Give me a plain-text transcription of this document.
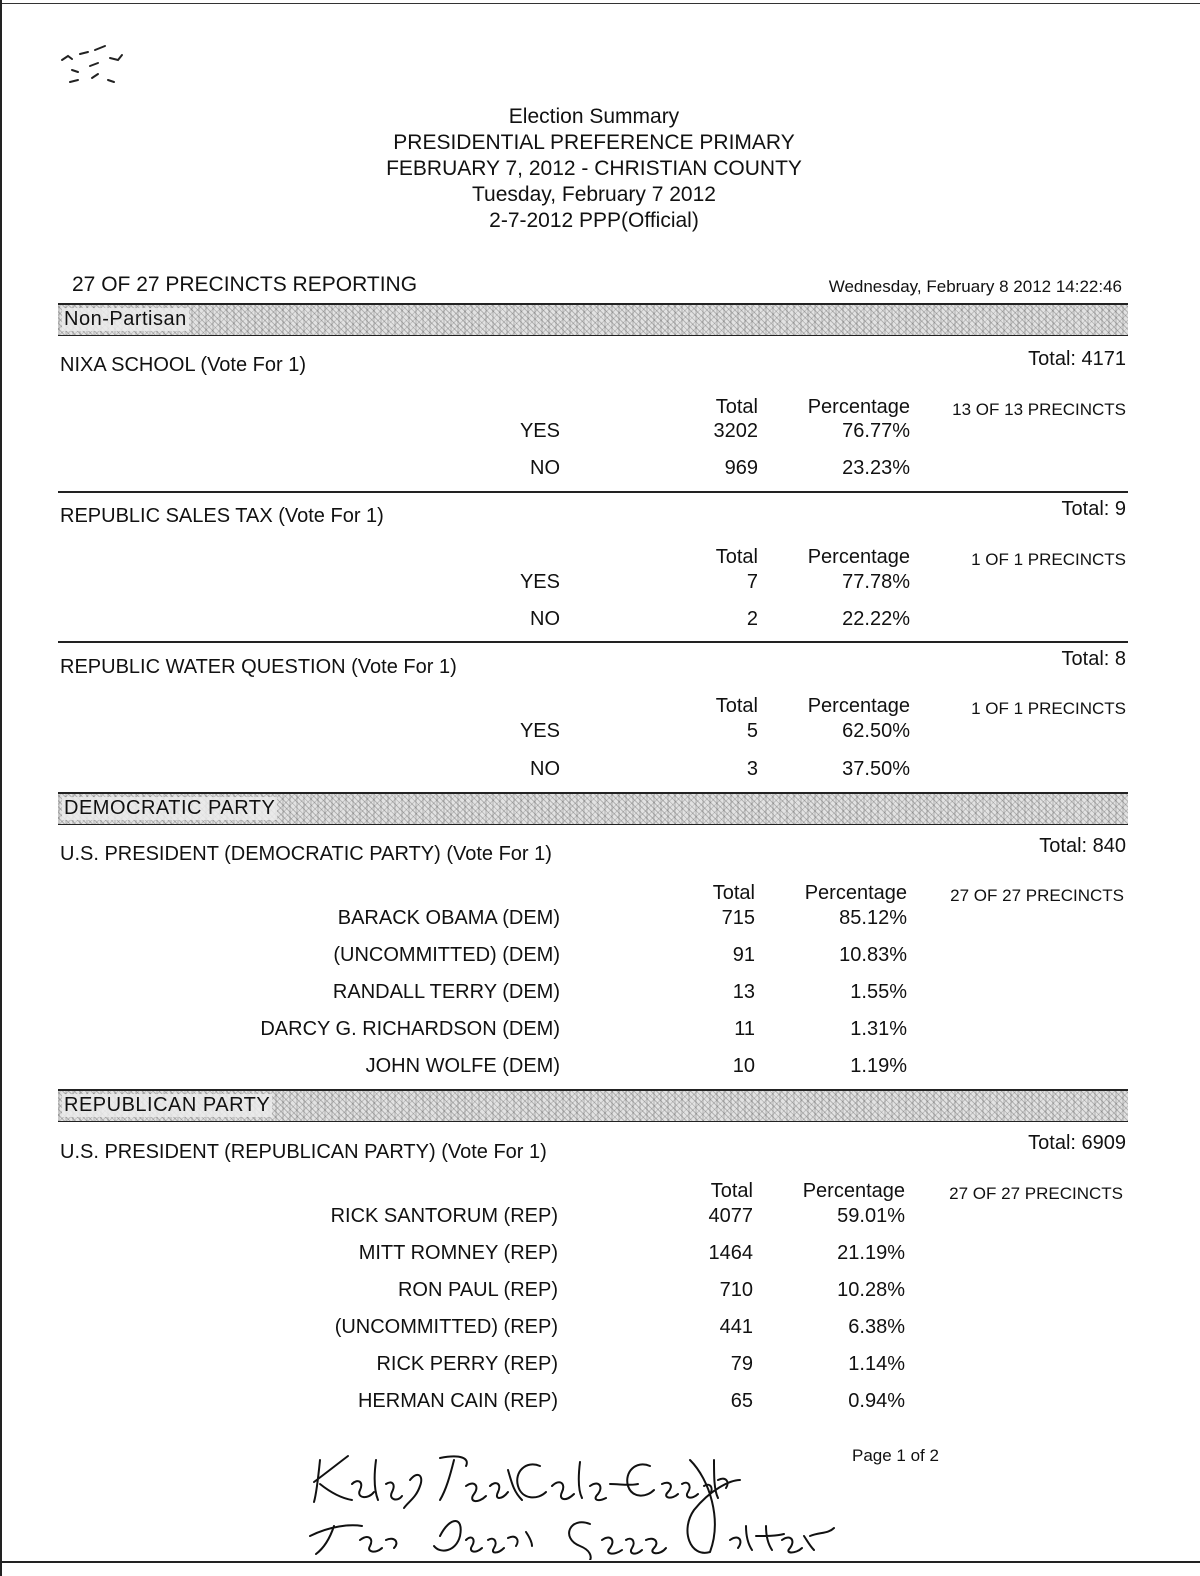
Election Summary
PRESIDENTIAL PREFERENCE PRIMARY
FEBRUARY 7, 2012 - CHRISTIAN COUNTY
Tuesday, February 7 2012
2-7-2012 PPP(Official)
27 OF 27 PRECINCTS REPORTING	Wednesday, February 8 2012 14:22:46
Non-Partisan
NIXA SCHOOL (Vote For 1)	Total: 4171
Total	Percentage	13 OF 13 PRECINCTS
YES	3202	76.77%
NO	969	23.23%
REPUBLIC SALES TAX (Vote For 1)	Total: 9
Total	Percentage	1 OF 1 PRECINCTS
YES	7	77.78%
NO	2	22.22%
REPUBLIC WATER QUESTION (Vote For 1)	Total: 8
Total	Percentage	1 OF 1 PRECINCTS
YES	5	62.50%
NO	3	37.50%
DEMOCRATIC PARTY
U.S. PRESIDENT (DEMOCRATIC PARTY) (Vote For 1)	Total: 840
Total	Percentage	27 OF 27 PRECINCTS
BARACK OBAMA (DEM)	715	85.12%
(UNCOMMITTED) (DEM)	91	10.83%
RANDALL TERRY (DEM)	13	1.55%
DARCY G. RICHARDSON (DEM)	11	1.31%
JOHN WOLFE (DEM)	10	1.19%
REPUBLICAN PARTY
U.S. PRESIDENT (REPUBLICAN PARTY) (Vote For 1)	Total: 6909
Total	Percentage	27 OF 27 PRECINCTS
RICK SANTORUM (REP)	4077	59.01%
MITT ROMNEY (REP)	1464	21.19%
RON PAUL (REP)	710	10.28%
(UNCOMMITTED) (REP)	441	6.38%
RICK PERRY (REP)	79	1.14%
HERMAN CAIN (REP)	65	0.94%
Page 1 of 2
